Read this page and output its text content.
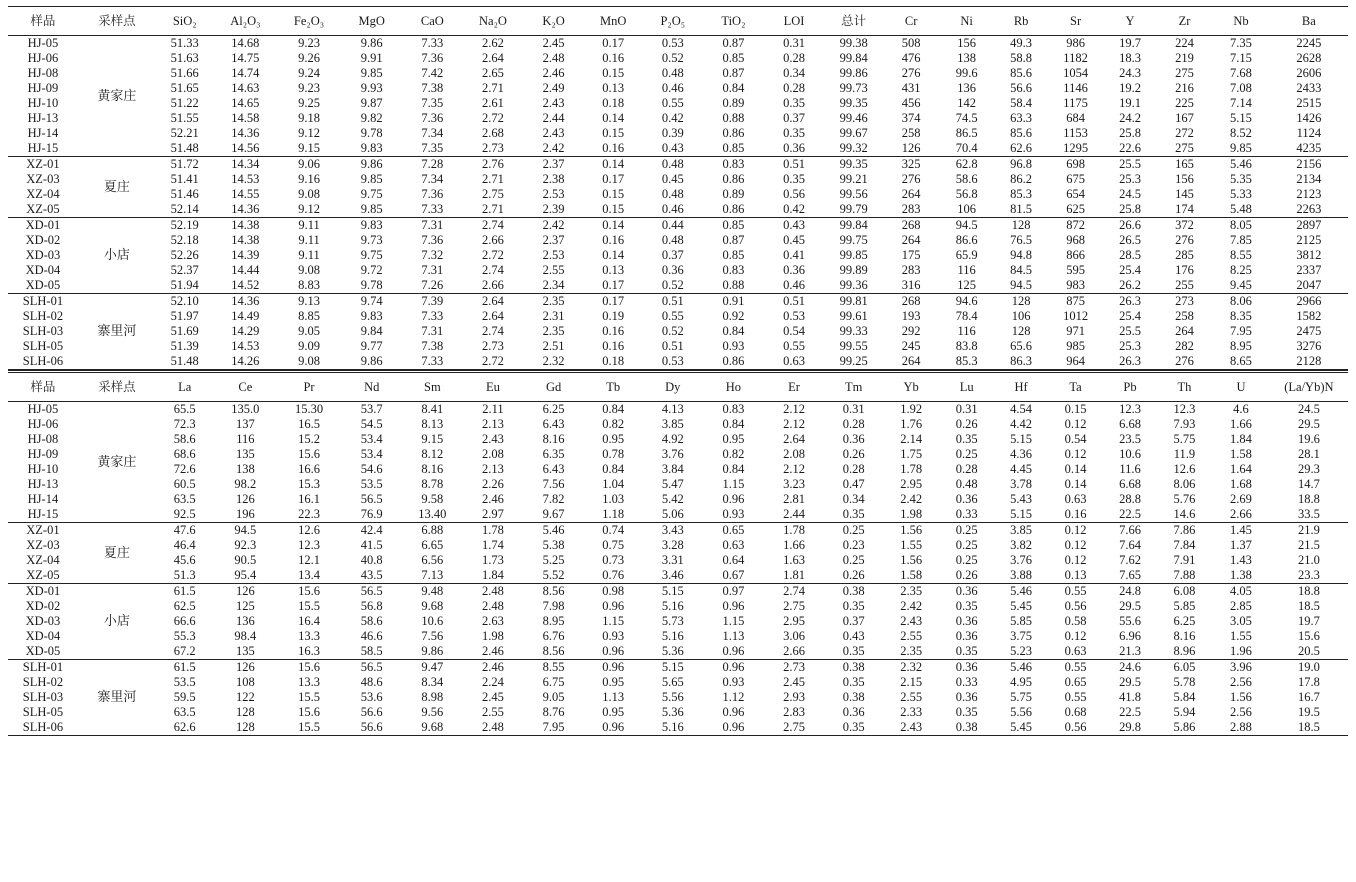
样品	采样点	SiO₂	Al₂O₃	Fe₂O₃	MgO	CaO	Na₂O	K₂O	MnO	P₂O₅	TiO₂	LOI	总计	Cr	Ni	Rb	Sr	Y	Zr	Nb	Ba
HJ-05	黄家庄	51.33	14.68	9.23	9.86	7.33	2.62	2.45	0.17	0.53	0.87	0.31	99.38	508	156	49.3	986	19.7	224	7.35	2245
HJ-06		51.63	14.75	9.26	9.91	7.36	2.64	2.48	0.16	0.52	0.85	0.28	99.84	476	138	58.8	1182	18.3	219	7.15	2628
HJ-08		51.66	14.74	9.24	9.85	7.42	2.65	2.46	0.15	0.48	0.87	0.34	99.86	276	99.6	85.6	1054	24.3	275	7.68	2606
HJ-09		51.65	14.63	9.23	9.93	7.38	2.71	2.49	0.13	0.46	0.84	0.28	99.73	431	136	56.6	1146	19.2	216	7.08	2433
HJ-10		51.22	14.65	9.25	9.87	7.35	2.61	2.43	0.18	0.55	0.89	0.35	99.35	456	142	58.4	1175	19.1	225	7.14	2515
HJ-13		51.55	14.58	9.18	9.82	7.36	2.72	2.44	0.14	0.42	0.88	0.37	99.46	374	74.5	63.3	684	24.2	167	5.15	1426
HJ-14		52.21	14.36	9.12	9.78	7.34	2.68	2.43	0.15	0.39	0.86	0.35	99.67	258	86.5	85.6	1153	25.8	272	8.52	1124
HJ-15		51.48	14.56	9.15	9.83	7.35	2.73	2.42	0.16	0.43	0.85	0.36	99.32	126	70.4	62.6	1295	22.6	275	9.85	4235
XZ-01	夏庄	51.72	14.34	9.06	9.86	7.28	2.76	2.37	0.14	0.48	0.83	0.51	99.35	325	62.8	96.8	698	25.5	165	5.46	2156
XZ-03		51.41	14.53	9.16	9.85	7.34	2.71	2.38	0.17	0.45	0.86	0.35	99.21	276	58.6	86.2	675	25.3	156	5.35	2134
XZ-04		51.46	14.55	9.08	9.75	7.36	2.75	2.53	0.15	0.48	0.89	0.56	99.56	264	56.8	85.3	654	24.5	145	5.33	2123
XZ-05		52.14	14.36	9.12	9.85	7.33	2.71	2.39	0.15	0.46	0.86	0.42	99.79	283	106	81.5	625	25.8	174	5.48	2263
XD-01	小店	52.19	14.38	9.11	9.83	7.31	2.74	2.42	0.14	0.44	0.85	0.43	99.84	268	94.5	128	872	26.6	372	8.05	2897
XD-02		52.18	14.38	9.11	9.73	7.36	2.66	2.37	0.16	0.48	0.87	0.45	99.75	264	86.6	76.5	968	26.5	276	7.85	2125
XD-03		52.26	14.39	9.11	9.75	7.32	2.72	2.53	0.14	0.37	0.85	0.41	99.85	175	65.9	94.8	866	28.5	285	8.55	3812
XD-04		52.37	14.44	9.08	9.72	7.31	2.74	2.55	0.13	0.36	0.83	0.36	99.89	283	116	84.5	595	25.4	176	8.25	2337
XD-05		51.94	14.52	8.83	9.78	7.26	2.66	2.34	0.17	0.52	0.88	0.46	99.36	316	125	94.5	983	26.2	255	9.45	2047
SLH-01	寨里河	52.10	14.36	9.13	9.74	7.39	2.64	2.35	0.17	0.51	0.91	0.51	99.81	268	94.6	128	875	26.3	273	8.06	2966
SLH-02		51.97	14.49	8.85	9.83	7.33	2.64	2.31	0.19	0.55	0.92	0.53	99.61	193	78.4	106	1012	25.4	258	8.35	1582
SLH-03		51.69	14.29	9.05	9.84	7.31	2.74	2.35	0.16	0.52	0.84	0.54	99.33	292	116	128	971	25.5	264	7.95	2475
SLH-05		51.39	14.53	9.09	9.77	7.38	2.73	2.51	0.16	0.51	0.93	0.55	99.55	245	83.8	65.6	985	25.3	282	8.95	3276
SLH-06		51.48	14.26	9.08	9.86	7.33	2.72	2.32	0.18	0.53	0.86	0.63	99.25	264	85.3	86.3	964	26.3	276	8.65	2128
样品	采样点	La	Ce	Pr	Nd	Sm	Eu	Gd	Tb	Dy	Ho	Er	Tm	Yb	Lu	Hf	Ta	Pb	Th	U	(La/Yb)N
HJ-05	黄家庄	65.5	135.0	15.30	53.7	8.41	2.11	6.25	0.84	4.13	0.83	2.12	0.31	1.92	0.31	4.54	0.15	12.3	12.3	4.6	24.5
HJ-06		72.3	137	16.5	54.5	8.13	2.13	6.43	0.82	3.85	0.84	2.12	0.28	1.76	0.26	4.42	0.12	6.68	7.93	1.66	29.5
HJ-08		58.6	116	15.2	53.4	9.15	2.43	8.16	0.95	4.92	0.95	2.64	0.36	2.14	0.35	5.15	0.54	23.5	5.75	1.84	19.6
HJ-09		68.6	135	15.6	53.4	8.12	2.08	6.35	0.78	3.76	0.82	2.08	0.26	1.75	0.25	4.36	0.12	10.6	11.9	1.58	28.1
HJ-10		72.6	138	16.6	54.6	8.16	2.13	6.43	0.84	3.84	0.84	2.12	0.28	1.78	0.28	4.45	0.14	11.6	12.6	1.64	29.3
HJ-13		60.5	98.2	15.3	53.5	8.78	2.26	7.56	1.04	5.47	1.15	3.23	0.47	2.95	0.48	3.78	0.14	6.68	8.06	1.68	14.7
HJ-14		63.5	126	16.1	56.5	9.58	2.46	7.82	1.03	5.42	0.96	2.81	0.34	2.42	0.36	5.43	0.63	28.8	5.76	2.69	18.8
HJ-15		92.5	196	22.3	76.9	13.40	2.97	9.67	1.18	5.06	0.93	2.44	0.35	1.98	0.33	5.15	0.16	22.5	14.6	2.66	33.5
XZ-01	夏庄	47.6	94.5	12.6	42.4	6.88	1.78	5.46	0.74	3.43	0.65	1.78	0.25	1.56	0.25	3.85	0.12	7.66	7.86	1.45	21.9
XZ-03		46.4	92.3	12.3	41.5	6.65	1.74	5.38	0.75	3.28	0.63	1.66	0.23	1.55	0.25	3.82	0.12	7.64	7.84	1.37	21.5
XZ-04		45.6	90.5	12.1	40.8	6.56	1.73	5.25	0.73	3.31	0.64	1.63	0.25	1.56	0.25	3.76	0.12	7.62	7.91	1.43	21.0
XZ-05		51.3	95.4	13.4	43.5	7.13	1.84	5.52	0.76	3.46	0.67	1.81	0.26	1.58	0.26	3.88	0.13	7.65	7.88	1.38	23.3
XD-01	小店	61.5	126	15.6	56.5	9.48	2.48	8.56	0.98	5.15	0.97	2.74	0.38	2.35	0.36	5.46	0.55	24.8	6.08	4.05	18.8
XD-02		62.5	125	15.5	56.8	9.68	2.48	7.98	0.96	5.16	0.96	2.75	0.35	2.42	0.35	5.45	0.56	29.5	5.85	2.85	18.5
XD-03		66.6	136	16.4	58.6	10.6	2.63	8.95	1.15	5.73	1.15	2.95	0.37	2.43	0.36	5.85	0.58	55.6	6.25	3.05	19.7
XD-04		55.3	98.4	13.3	46.6	7.56	1.98	6.76	0.93	5.16	1.13	3.06	0.43	2.55	0.36	3.75	0.12	6.96	8.16	1.55	15.6
XD-05		67.2	135	16.3	58.5	9.86	2.46	8.56	0.96	5.36	0.96	2.66	0.35	2.35	0.35	5.23	0.63	21.3	8.96	1.96	20.5
SLH-01	寨里河	61.5	126	15.6	56.5	9.47	2.46	8.55	0.96	5.15	0.96	2.73	0.38	2.32	0.36	5.46	0.55	24.6	6.05	3.96	19.0
SLH-02		53.5	108	13.3	48.6	8.34	2.24	6.75	0.95	5.65	0.93	2.45	0.35	2.15	0.33	4.95	0.65	29.5	5.78	2.56	17.8
SLH-03		59.5	122	15.5	53.6	8.98	2.45	9.05	1.13	5.56	1.12	2.93	0.38	2.55	0.36	5.75	0.55	41.8	5.84	1.56	16.7
SLH-05		63.5	128	15.6	56.6	9.56	2.55	8.76	0.95	5.36	0.96	2.83	0.36	2.33	0.35	5.56	0.68	22.5	5.94	2.56	19.5
SLH-06		62.6	128	15.5	56.6	9.68	2.48	7.95	0.96	5.16	0.96	2.75	0.35	2.43	0.38	5.45	0.56	29.8	5.86	2.88	18.5
